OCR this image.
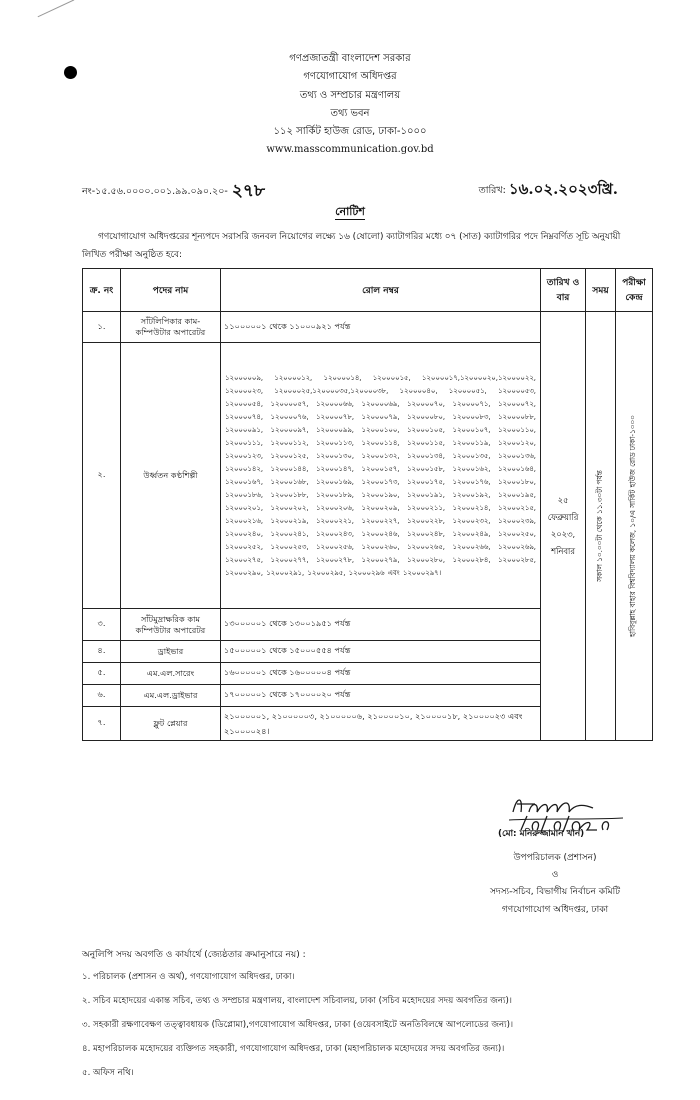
গণপ্রজাতন্ত্রী বাংলাদেশ সরকার
গণযোগাযোগ অধিদপ্তর
তথ্য ও সম্প্রচার মন্ত্রণালয়
তথ্য ভবন
১১২ সার্কিট হাউজ রোড, ঢাকা-১০০০
www.masscommunication.gov.bd
নং-১৫.৫৬.০০০০.০০১.৯৯.০৯০.২০- ২৭৮	তারিখ: ১৬.০২.২০২৩খ্রি.
নোটিশ
গণযোগাযোগ অধিদপ্তরের শূন্যপদে সরাসরি জনবল নিয়োগের লক্ষ্যে ১৬ (ষোলো) ক্যাটাগরির মধ্যে ০৭ (সাত) ক্যাটাগরির পদে নিম্নবর্ণিত সূচি অনুযায়ী লিখিত পরীক্ষা অনুষ্ঠিত হবে:
ক্র. নং	পদের নাম	রোল নম্বর	তারিখ ও বার	সময়	পরীক্ষা কেন্দ্র
১.	সাঁটলিপিকার কাম-কম্পিউটার অপারেটর	১১০০০০০১ থেকে ১১০০০৯২১ পর্যন্ত	২৫ ফেব্রুয়ারি ২০২৩, শনিবার	সকাল ১০.০০টা থেকে ১১.৩০টা পর্যন্ত	হাবিবুল্লাহ বাহার বিশ্ববিদ্যালয় কলেজ, ১০/এ সার্কিট হাউজ রোড ঢাকা-১০০০

২.	উর্ধ্বতন কণ্ঠশিল্পী	১২০০০০০৯, ১২০০০০১২, ১২০০০০১৪, ১২০০০০১৫, ১২০০০০১৭,১২০০০০২০,১২০০০০২২, ১২০০০০২৩, ১২০০০০২৫,১২০০০০৩৫,১২০০০০৩৮, ১২০০০০৪০, ১২০০০০৫১, ১২০০০০৫৩, ১২০০০০৫৪, ১২০০০০৫৭, ১২০০০০৬৬, ১২০০০০৬৯, ১২০০০০৭০, ১২০০০০৭১, ১২০০০০৭২, ১২০০০০৭৪, ১২০০০০৭৬, ১২০০০০৭৮, ১২০০০০৭৯, ১২০০০০৮০, ১২০০০০৮৩, ১২০০০০৮৮, ১২০০০০৯১, ১২০০০০৯৭, ১২০০০০৯৯, ১২০০০১০০, ১২০০০১০৫, ১২০০০১০৭, ১২০০০১১০, ১২০০০১১১, ১২০০০১১২, ১২০০০১১৩, ১২০০০১১৪, ১২০০০১১৫, ১২০০০১১৯, ১২০০০১২০, ১২০০০১২৩, ১২০০০১২৫, ১২০০০১৩০, ১২০০০১৩২, ১২০০০১৩৪, ১২০০০১৩৫, ১২০০০১৩৬, ১২০০০১৪২, ১২০০০১৪৪, ১২০০০১৪৭, ১২০০০১৫৭, ১২০০০১৫৮, ১২০০০১৬২, ১২০০০১৬৪, ১২০০০১৬৭, ১২০০০১৬৮, ১২০০০১৬৯, ১২০০০১৭৩, ১২০০০১৭৫, ১২০০০১৭৬, ১২০০০১৮০, ১২০০০১৮৬, ১২০০০১৮৮, ১২০০০১৮৯, ১২০০০১৯০, ১২০০০১৯১, ১২০০০১৯২, ১২০০০১৯৫, ১২০০০২০১, ১২০০০২০২, ১২০০০২০৬, ১২০০০২০৯, ১২০০০২১১, ১২০০০২১৪, ১২০০০২১৫, ১২০০০২১৬, ১২০০০২১৯, ১২০০০২২১, ১২০০০২২৭, ১২০০০২২৮, ১২০০০২৩২, ১২০০০২৩৯, ১২০০০২৪০, ১২০০০২৪১, ১২০০০২৪৩, ১২০০০২৪৬, ১২০০০২৪৮, ১২০০০২৪৯, ১২০০০২৫০, ১২০০০২৫২, ১২০০০২৫৩, ১২০০০২৫৬, ১২০০০২৬০, ১২০০০২৬৫, ১২০০০২৬৬, ১২০০০২৬৯, ১২০০০২৭৫, ১২০০০২৭৭, ১২০০০২৭৮, ১২০০০২৭৯, ১২০০০২৮০, ১২০০০২৮৪, ১২০০০২৮৫, ১২০০০২৯০, ১২০০০২৯১, ১২০০০২৯৫, ১২০০০২৯৬ এবং ১২০০০২৯৭।			
৩.	সাঁটমুদ্রাক্ষরিক কাম কম্পিউটার অপারেটর	১৩০০০০০১ থেকে ১৩০০১৯৫১ পর্যন্ত			
৪.	ড্রাইভার	১৫০০০০০১ থেকে ১৫০০০৫৫৪ পর্যন্ত			
৫.	এম.এল.সারেং	১৬০০০০০১ থেকে ১৬০০০০০৪ পর্যন্ত			
৬.	এম.এল.ড্রাইভার	১৭০০০০০১ থেকে ১৭০০০০২০ পর্যন্ত			
৭.	ফ্লুট প্লেয়ার	২১০০০০০১, ২১০০০০০৩, ২১০০০০০৬, ২১০০০০১০, ২১০০০০১৮, ২১০০০০২৩ এবং ২১০০০০২৪।			
(মো: মনিরুজ্জামান খান)
উপপরিচালক (প্রশাসন)
ও
সদস্য-সচিব, বিভাগীয় নির্বাচন কমিটি
গণযোগাযোগ অধিদপ্তর, ঢাকা
অনুলিপি সদয় অবগতি ও কার্যার্থে (জ্যেষ্ঠতার ক্রমানুসারে নয়) :
১. পরিচালক (প্রশাসন ও অর্থ), গণযোগাযোগ অধিদপ্তর, ঢাকা।
২. সচিব মহোদয়ের একান্ত সচিব, তথ্য ও সম্প্রচার মন্ত্রণালয়, বাংলাদেশ সচিবালয়, ঢাকা (সচিব মহোদয়ের সদয় অবগতির জন্য)।
৩. সহকারী রক্ষণাবেক্ষণ তত্ত্বাবধায়ক (ডিপ্লোমা),গণযোগাযোগ অধিদপ্তর, ঢাকা (ওয়েবসাইটে অনতিবিলম্বে আপলোডের জন্য)।
৪. মহাপরিচালক মহোদয়ের ব্যক্তিগত সহকারী, গণযোগাযোগ অধিদপ্তর, ঢাকা (মহাপরিচালক মহোদয়ের সদয় অবগতির জন্য)।
৫. অফিস নথি।
